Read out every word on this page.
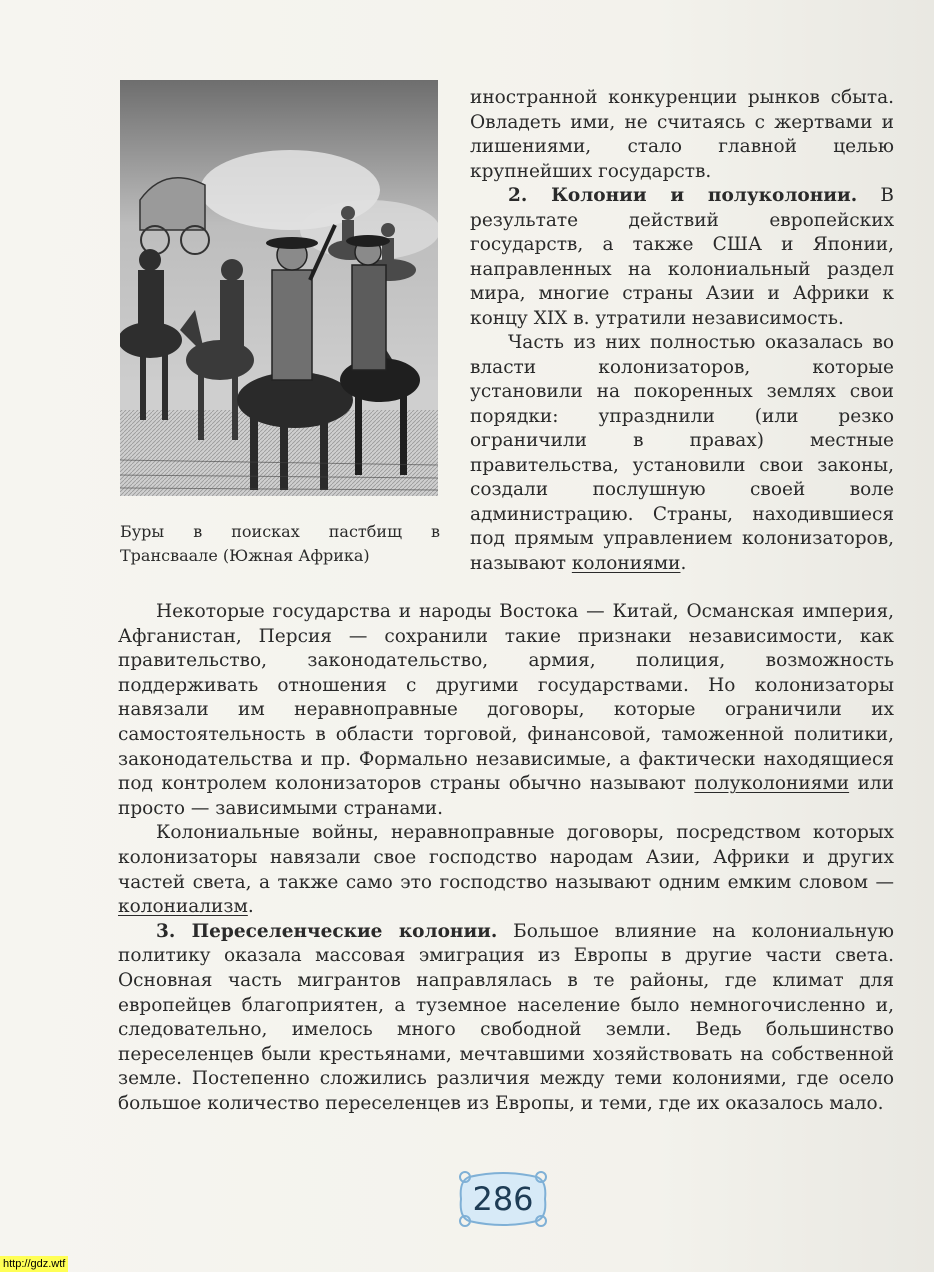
Буры в поисках пастбищ в Трансваале (Южная Африка)

иностранной конкуренции рынков сбыта. Овладеть ими, не считаясь с жертвами и лишениями, стало главной целью крупнейших государств.

2. Колонии и полуколонии. В результате действий европейских государств, а также США и Японии, направленных на колониальный раздел мира, многие страны Азии и Африки к концу XIX в. утратили независимость.

Часть из них полностью оказалась во власти колонизаторов, которые установили на покоренных землях свои порядки: упразднили (или резко ограничили в правах) местные правительства, установили свои законы, создали послушную своей воле администрацию. Страны, находившиеся под прямым управлением колонизаторов, называют колониями.

Некоторые государства и народы Востока — Китай, Османская империя, Афганистан, Персия — сохранили такие признаки независимости, как правительство, законодательство, армия, полиция, возможность поддерживать отношения с другими государствами. Но колонизаторы навязали им неравноправные договоры, которые ограничили их самостоятельность в области торговой, финансовой, таможенной политики, законодательства и пр. Формально независимые, а фактически находящиеся под контролем колонизаторов страны обычно называют полуколониями или просто — зависимыми странами.

Колониальные войны, неравноправные договоры, посредством которых колонизаторы навязали свое господство народам Азии, Африки и других частей света, а также само это господство называют одним емким словом — колониализм.

3. Переселенческие колонии. Большое влияние на колониальную политику оказала массовая эмиграция из Европы в другие части света. Основная часть мигрантов направлялась в те районы, где климат для европейцев благоприятен, а туземное население было немногочисленно и, следовательно, имелось много свободной земли. Ведь большинство переселенцев были крестьянами, мечтавшими хозяйствовать на собственной земле. Постепенно сложились различия между теми колониями, где осело большое количество переселенцев из Европы, и теми, где их оказалось мало.

286
http://gdz.wtf
